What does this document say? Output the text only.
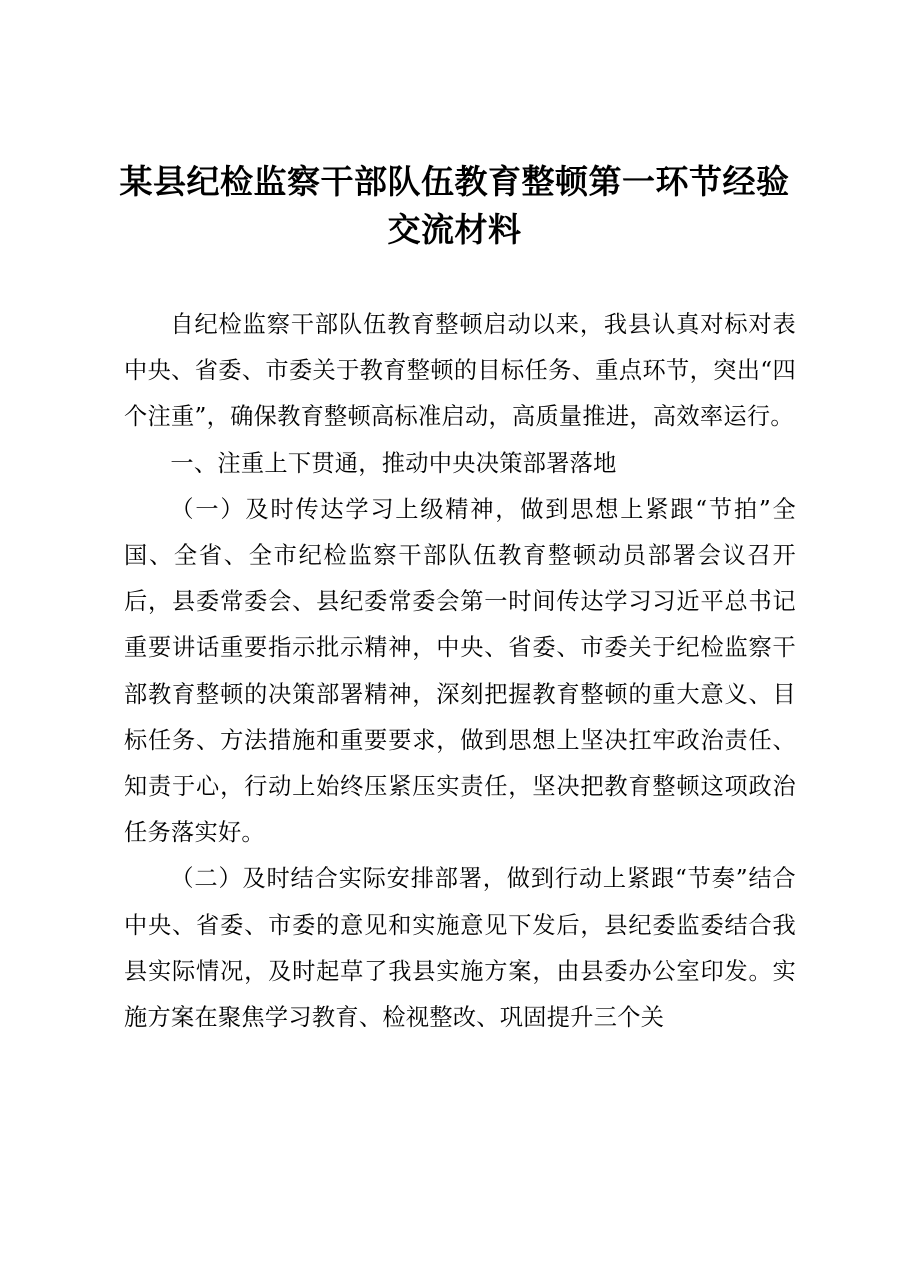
某县纪检监察干部队伍教育整顿第一环节经验交流材料

自纪检监察干部队伍教育整顿启动以来，我县认真对标对表中央、省委、市委关于教育整顿的目标任务、重点环节，突出“四个注重”，确保教育整顿高标准启动，高质量推进，高效率运行。

一、注重上下贯通，推动中央决策部署落地

（一）及时传达学习上级精神，做到思想上紧跟“节拍”全国、全省、全市纪检监察干部队伍教育整顿动员部署会议召开后，县委常委会、县纪委常委会第一时间传达学习习近平总书记重要讲话重要指示批示精神，中央、省委、市委关于纪检监察干部教育整顿的决策部署精神，深刻把握教育整顿的重大意义、目标任务、方法措施和重要要求，做到思想上坚决扛牢政治责任、知责于心，行动上始终压紧压实责任，坚决把教育整顿这项政治任务落实好。

（二）及时结合实际安排部署，做到行动上紧跟“节奏”结合中央、省委、市委的意见和实施意见下发后，县纪委监委结合我县实际情况，及时起草了我县实施方案，由县委办公室印发。实施方案在聚焦学习教育、检视整改、巩固提升三个关
